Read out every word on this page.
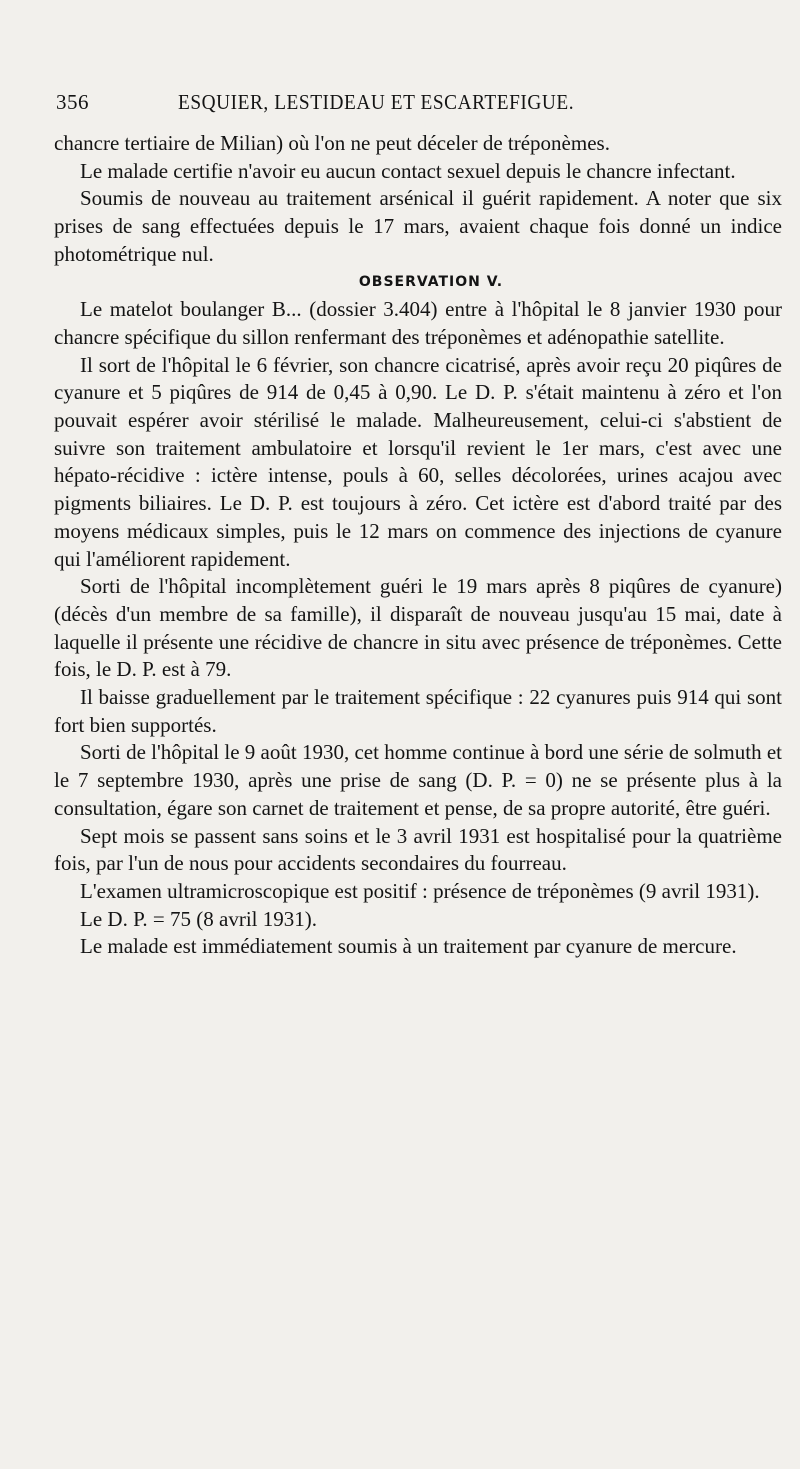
356	ESQUIER, LESTIDEAU ET ESCARTEFIGUE.

chancre tertiaire de Milian) où l'on ne peut déceler de tréponèmes.

Le malade certifie n'avoir eu aucun contact sexuel depuis le chancre infectant.

Soumis de nouveau au traitement arsénical il guérit rapidement. A noter que six prises de sang effectuées depuis le 17 mars, avaient chaque fois donné un indice photométrique nul.

OBSERVATION V.

Le matelot boulanger B... (dossier 3.404) entre à l'hôpital le 8 janvier 1930 pour chancre spécifique du sillon renfermant des tréponèmes et adénopathie satellite.

Il sort de l'hôpital le 6 février, son chancre cicatrisé, après avoir reçu 20 piqûres de cyanure et 5 piqûres de 914 de 0,45 à 0,90. Le D. P. s'était maintenu à zéro et l'on pouvait espérer avoir stérilisé le malade. Malheureusement, celui-ci s'abstient de suivre son traitement ambulatoire et lorsqu'il revient le 1er mars, c'est avec une hépato-récidive : ictère intense, pouls à 60, selles décolorées, urines acajou avec pigments biliaires. Le D. P. est toujours à zéro. Cet ictère est d'abord traité par des moyens médicaux simples, puis le 12 mars on commence des injections de cyanure qui l'améliorent rapidement.

Sorti de l'hôpital incomplètement guéri le 19 mars après 8 piqûres de cyanure) (décès d'un membre de sa famille), il disparaît de nouveau jusqu'au 15 mai, date à laquelle il présente une récidive de chancre in situ avec présence de tréponèmes. Cette fois, le D. P. est à 79.

Il baisse graduellement par le traitement spécifique : 22 cyanures puis 914 qui sont fort bien supportés.

Sorti de l'hôpital le 9 août 1930, cet homme continue à bord une série de solmuth et le 7 septembre 1930, après une prise de sang (D. P. = 0) ne se présente plus à la consultation, égare son carnet de traitement et pense, de sa propre autorité, être guéri.

Sept mois se passent sans soins et le 3 avril 1931 est hospitalisé pour la quatrième fois, par l'un de nous pour accidents secondaires du fourreau.

L'examen ultramicroscopique est positif : présence de tréponèmes (9 avril 1931).

Le D. P. = 75 (8 avril 1931).

Le malade est immédiatement soumis à un traitement par cyanure de mercure.
